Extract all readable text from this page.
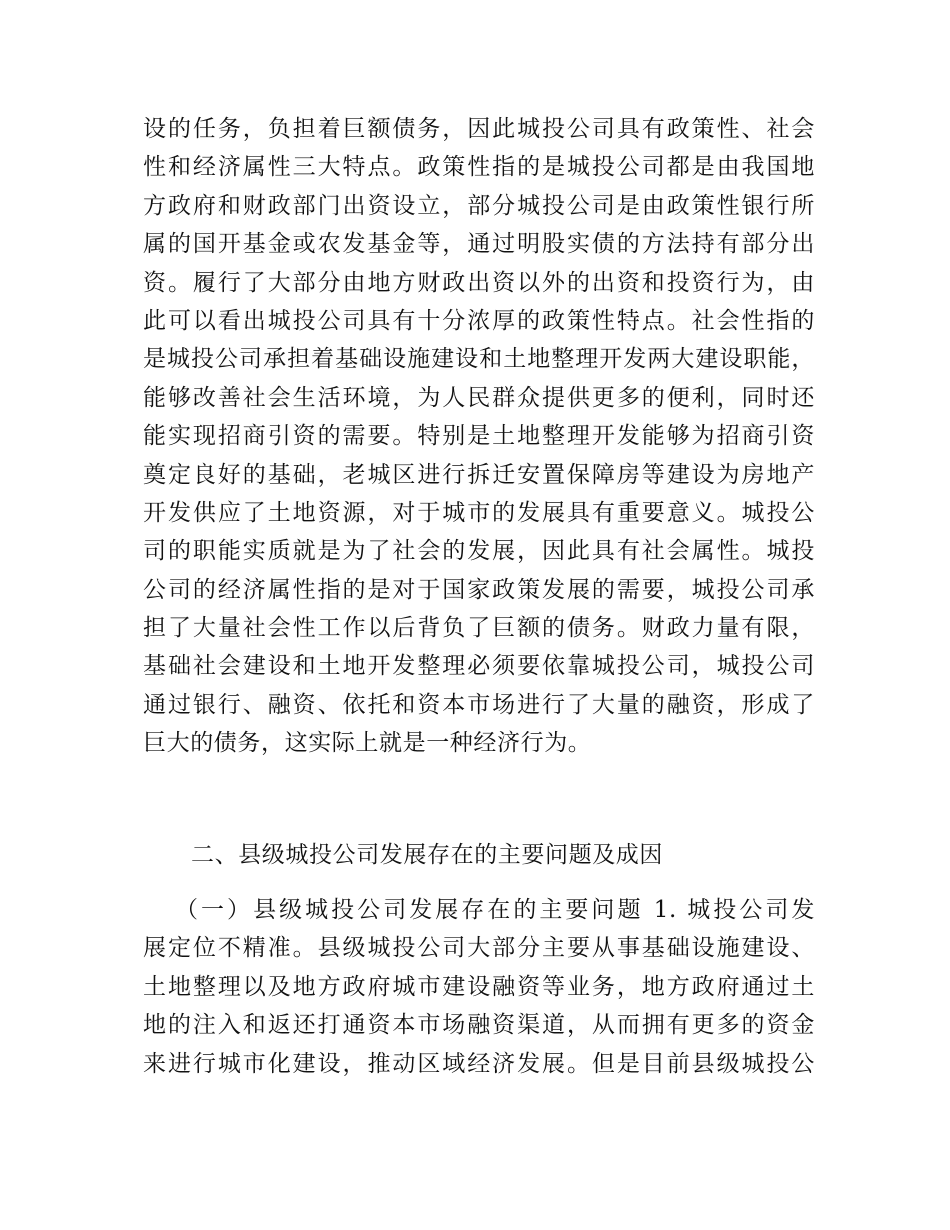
设的任务，负担着巨额债务，因此城投公司具有政策性、社会
性和经济属性三大特点。政策性指的是城投公司都是由我国地
方政府和财政部门出资设立，部分城投公司是由政策性银行所
属的国开基金或农发基金等，通过明股实债的方法持有部分出
资。履行了大部分由地方财政出资以外的出资和投资行为，由
此可以看出城投公司具有十分浓厚的政策性特点。社会性指的
是城投公司承担着基础设施建设和土地整理开发两大建设职能，
能够改善社会生活环境，为人民群众提供更多的便利，同时还
能实现招商引资的需要。特别是土地整理开发能够为招商引资
奠定良好的基础，老城区进行拆迁安置保障房等建设为房地产
开发供应了土地资源，对于城市的发展具有重要意义。城投公
司的职能实质就是为了社会的发展，因此具有社会属性。城投
公司的经济属性指的是对于国家政策发展的需要，城投公司承
担了大量社会性工作以后背负了巨额的债务。财政力量有限，
基础社会建设和土地开发整理必须要依靠城投公司，城投公司
通过银行、融资、依托和资本市场进行了大量的融资，形成了
巨大的债务，这实际上就是一种经济行为。
二、县级城投公司发展存在的主要问题及成因
（一）县级城投公司发展存在的主要问题 1. 城投公司发
展定位不精准。县级城投公司大部分主要从事基础设施建设、
土地整理以及地方政府城市建设融资等业务，地方政府通过土
地的注入和返还打通资本市场融资渠道，从而拥有更多的资金
来进行城市化建设，推动区域经济发展。但是目前县级城投公
